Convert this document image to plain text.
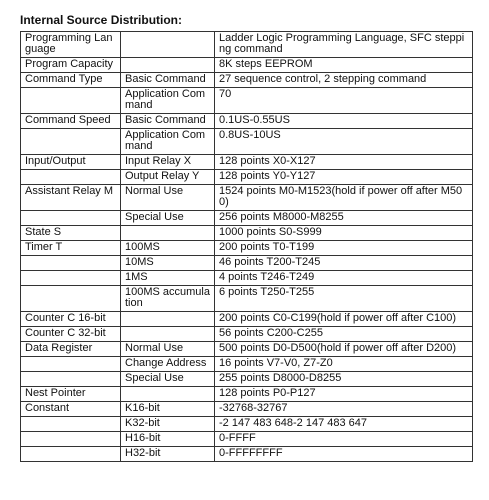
Internal Source Distribution:
Programming Language		Ladder Logic Programming Language, SFC stepping command
Program Capacity		8K steps EEPROM
Command Type	Basic Command	27 sequence control, 2 stepping command
	Application Command	70
Command Speed	Basic Command	0.1US-0.55US
	Application Command	0.8US-10US
Input/Output	Input Relay X	128 points X0-X127
	Output Relay Y	128 points Y0-Y127
Assistant Relay M	Normal Use	1524 points M0-M1523(hold if power off after M500)
	Special Use	256 points M8000-M8255
State S		1000 points S0-S999
Timer T	100MS	200 points T0-T199
	10MS	46 points T200-T245
	1MS	4 points T246-T249
	100MS accumulation	6 points T250-T255
Counter C 16-bit		200 points C0-C199(hold if power off after C100)
Counter C 32-bit		56 points C200-C255
Data Register	Normal Use	500 points D0-D500(hold if power off after D200)
	Change Address	16 points V7-V0, Z7-Z0
	Special Use	255 points D8000-D8255
Nest Pointer		128 points P0-P127
Constant	K16-bit	-32768-32767
	K32-bit	-2 147 483 648-2 147 483 647
	H16-bit	0-FFFF
	H32-bit	0-FFFFFFFF
